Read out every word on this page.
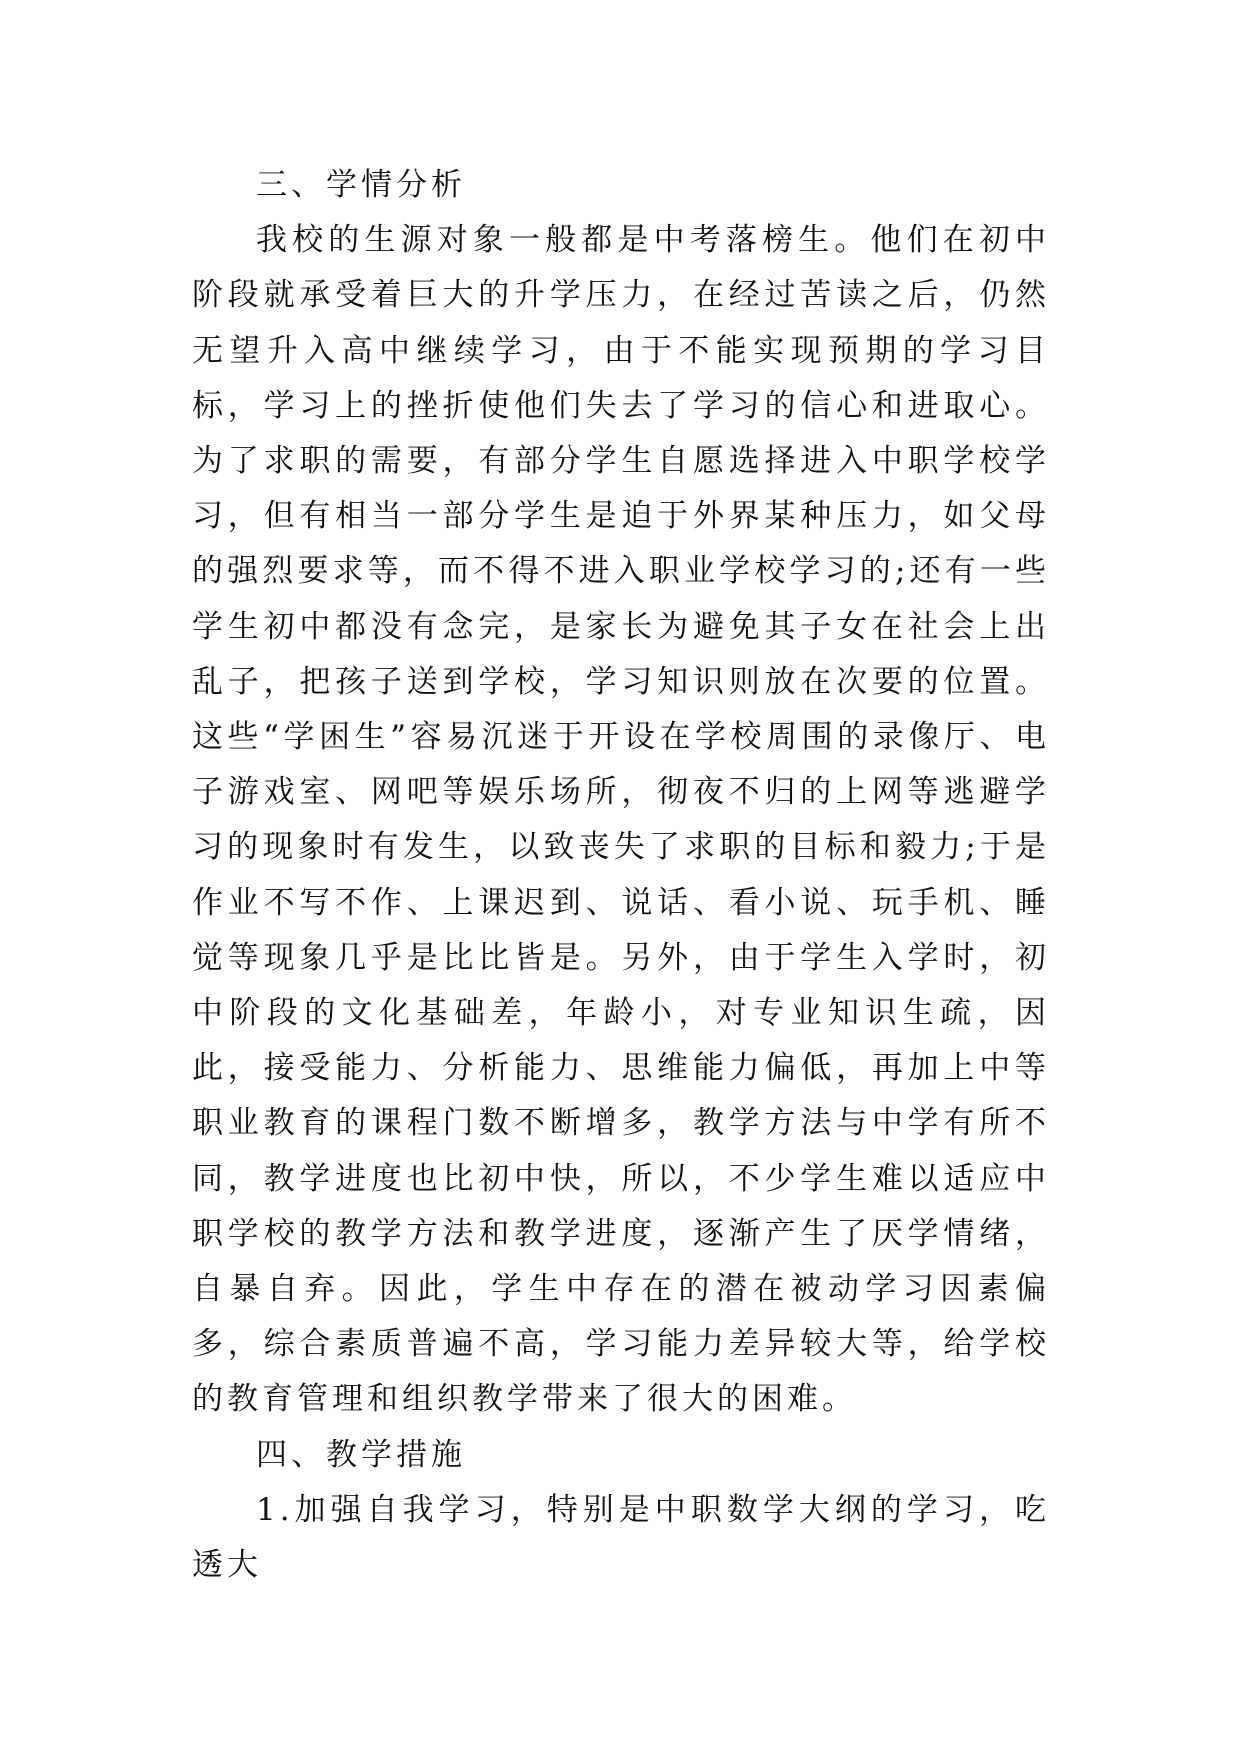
三、学情分析

我校的生源对象一般都是中考落榜生。他们在初中阶段就承受着巨大的升学压力，在经过苦读之后，仍然无望升入高中继续学习，由于不能实现预期的学习目标，学习上的挫折使他们失去了学习的信心和进取心。为了求职的需要，有部分学生自愿选择进入中职学校学习，但有相当一部分学生是迫于外界某种压力，如父母的强烈要求等，而不得不进入职业学校学习的;还有一些学生初中都没有念完，是家长为避免其子女在社会上出乱子，把孩子送到学校，学习知识则放在次要的位置。这些“学困生”容易沉迷于开设在学校周围的录像厅、电子游戏室、网吧等娱乐场所，彻夜不归的上网等逃避学习的现象时有发生，以致丧失了求职的目标和毅力;于是作业不写不作、上课迟到、说话、看小说、玩手机、睡觉等现象几乎是比比皆是。另外，由于学生入学时，初中阶段的文化基础差，年龄小，对专业知识生疏，因此，接受能力、分析能力、思维能力偏低，再加上中等职业教育的课程门数不断增多，教学方法与中学有所不同，教学进度也比初中快，所以，不少学生难以适应中职学校的教学方法和教学进度，逐渐产生了厌学情绪，自暴自弃。因此，学生中存在的潜在被动学习因素偏多，综合素质普遍不高，学习能力差异较大等，给学校的教育管理和组织教学带来了很大的困难。

四、教学措施

1.加强自我学习，特别是中职数学大纲的学习，吃透大
